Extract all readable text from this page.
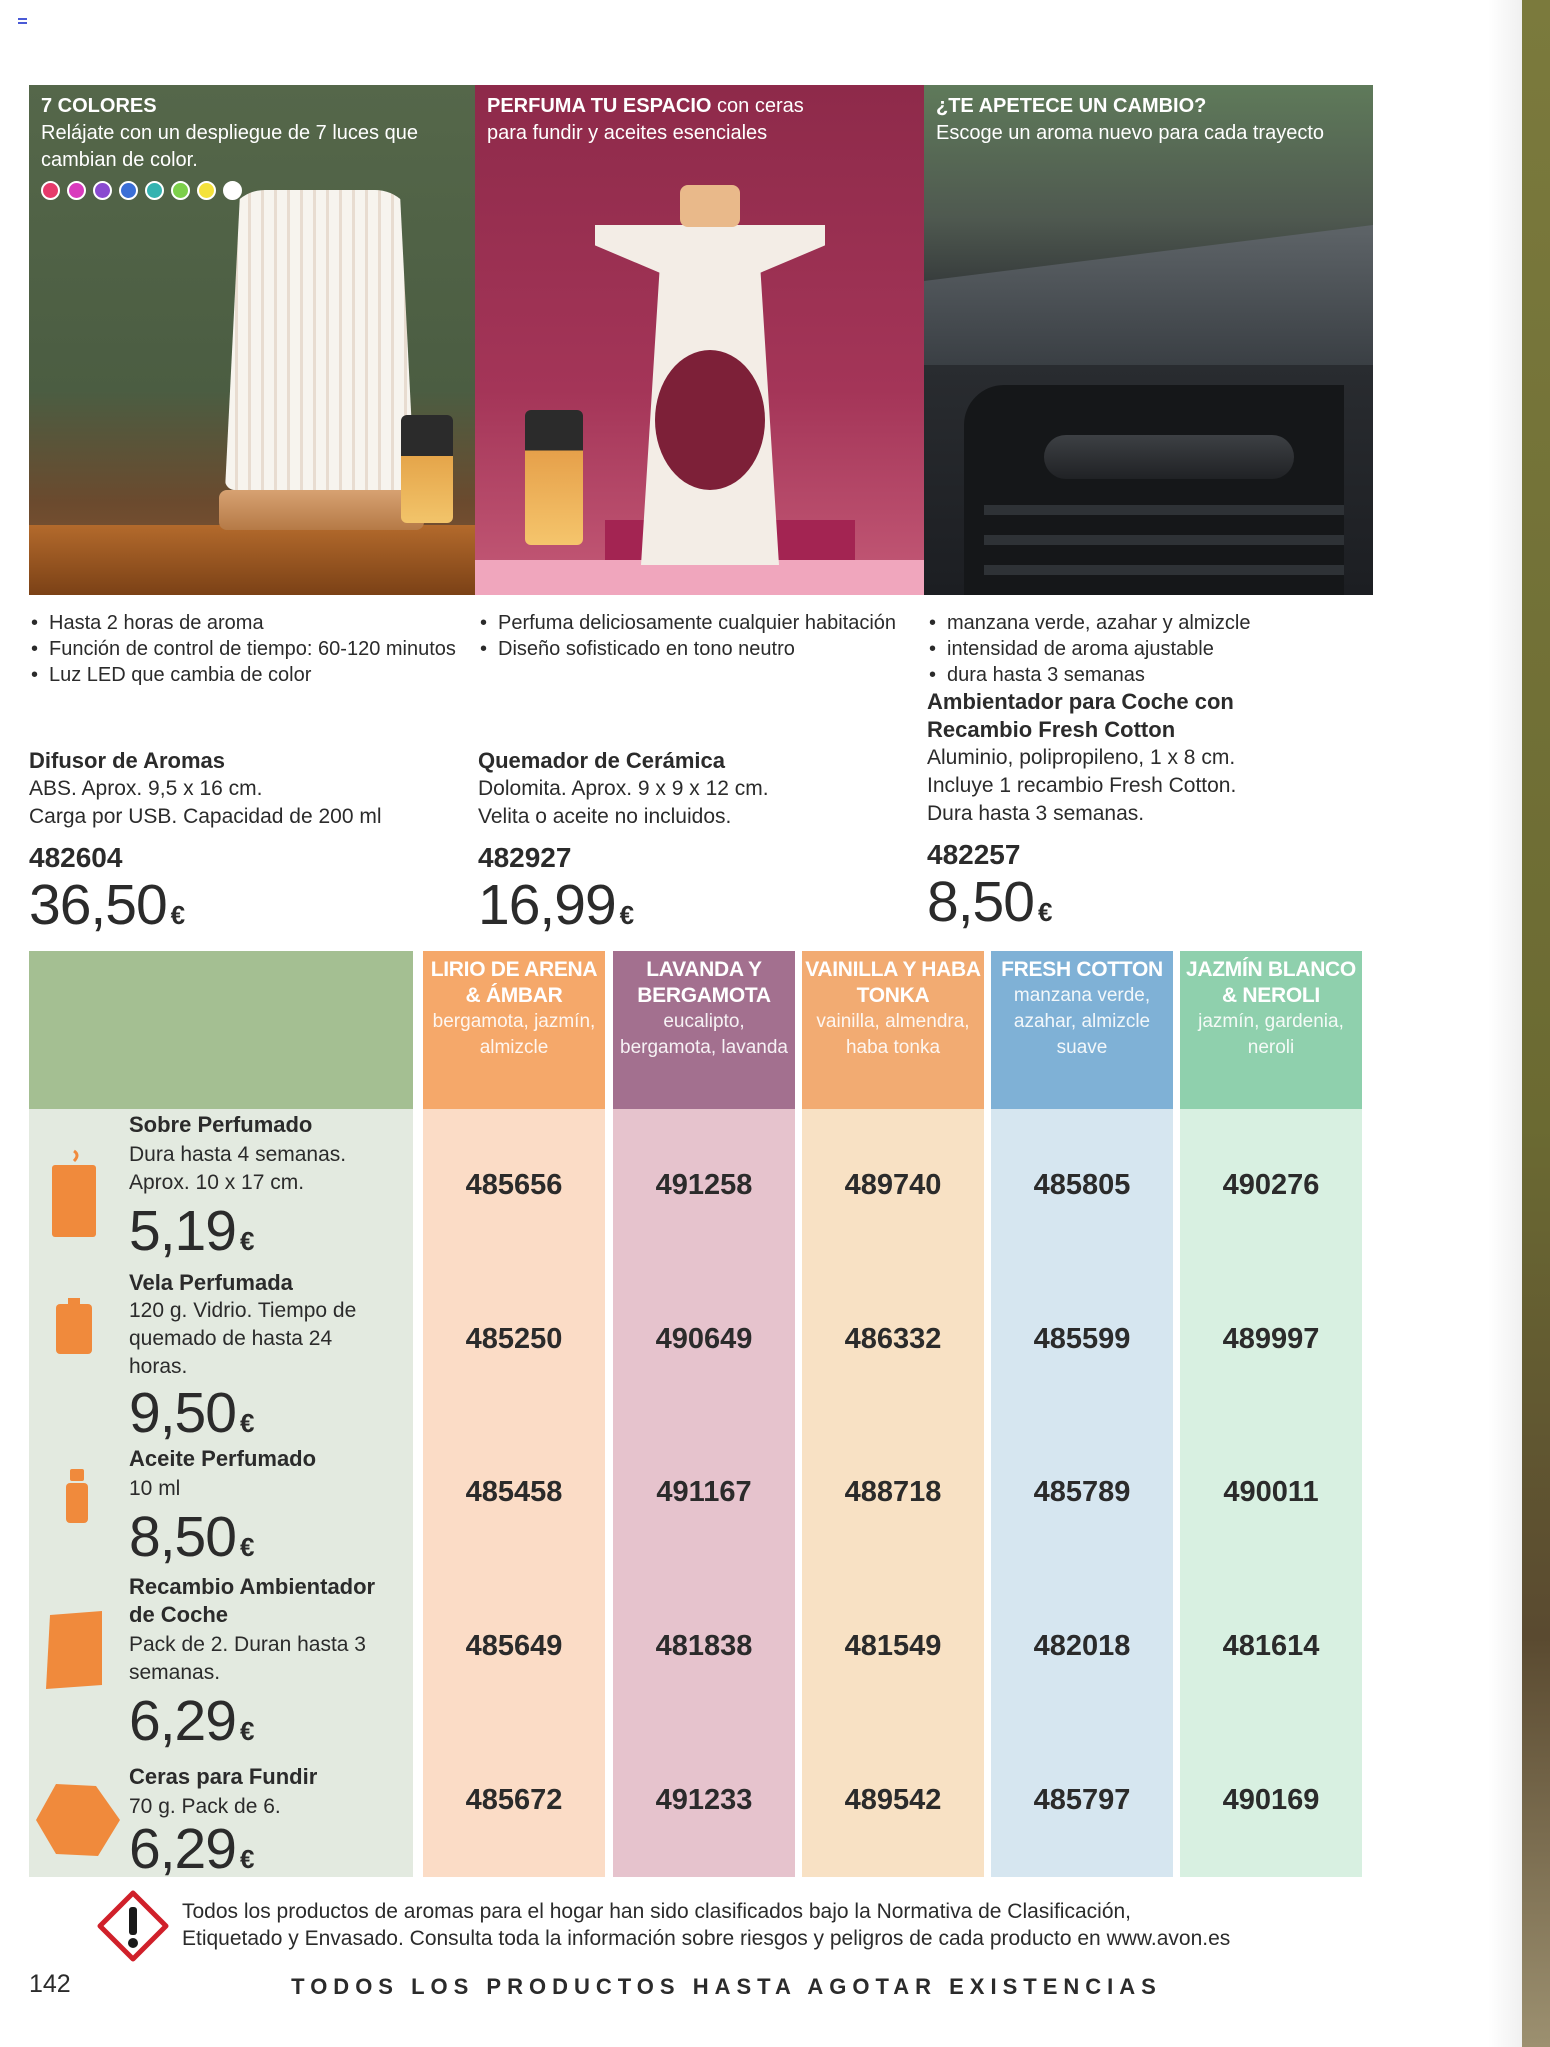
7 COLORES
Relájate con un despliegue de 7 luces que cambian de color.
PERFUMA TU ESPACIO con ceras
para fundir y aceites esenciales
¿TE APETECE UN CAMBIO?
Escoge un aroma nuevo para cada trayecto
• Hasta 2 horas de aroma
• Función de control de tiempo: 60-120 minutos
• Luz LED que cambia de color
Difusor de Aromas
ABS. Aprox. 9,5 x 16 cm.
Carga por USB. Capacidad de 200 ml
482604
36,50 €
• Perfuma deliciosamente cualquier habitación
• Diseño sofisticado en tono neutro
Quemador de Cerámica
Dolomita. Aprox. 9 x 9 x 12 cm.
Velita o aceite no incluidos.
482927
16,99 €
• manzana verde, azahar y almizcle
• intensidad de aroma ajustable
• dura hasta 3 semanas
Ambientador para Coche con
Recambio Fresh Cotton
Aluminio, polipropileno, 1 x 8 cm.
Incluye 1 recambio Fresh Cotton.
Dura hasta 3 semanas.
482257
8,50 €
LIRIO DE ARENA & ÁMBAR
bergamota, jazmín, almizcle
485656
485250
485458
485649
485672
LAVANDA Y BERGAMOTA
eucalipto, bergamota, lavanda
491258
490649
491167
481838
491233
VAINILLA Y HABA TONKA
vainilla, almendra, haba tonka
489740
486332
488718
481549
489542
FRESH COTTON
manzana verde, azahar, almizcle suave
485805
485599
485789
482018
485797
JAZMÍN BLANCO & NEROLI
jazmín, gardenia, neroli
490276
489997
490011
481614
490169
Sobre Perfumado
Dura hasta 4 semanas. Aprox. 10 x 17 cm.
5,19 €
Vela Perfumada
120 g. Vidrio. Tiempo de quemado de hasta 24 horas.
9,50 €
Aceite Perfumado
10 ml
8,50 €
Recambio Ambientador de Coche
Pack de 2. Duran hasta 3 semanas.
6,29 €
Ceras para Fundir
70 g. Pack de 6.
6,29 €
Todos los productos de aromas para el hogar han sido clasificados bajo la Normativa de Clasificación,
Etiquetado y Envasado. Consulta toda la información sobre riesgos y peligros de cada producto en www.avon.es
142	TODOS LOS PRODUCTOS HASTA AGOTAR EXISTENCIAS
